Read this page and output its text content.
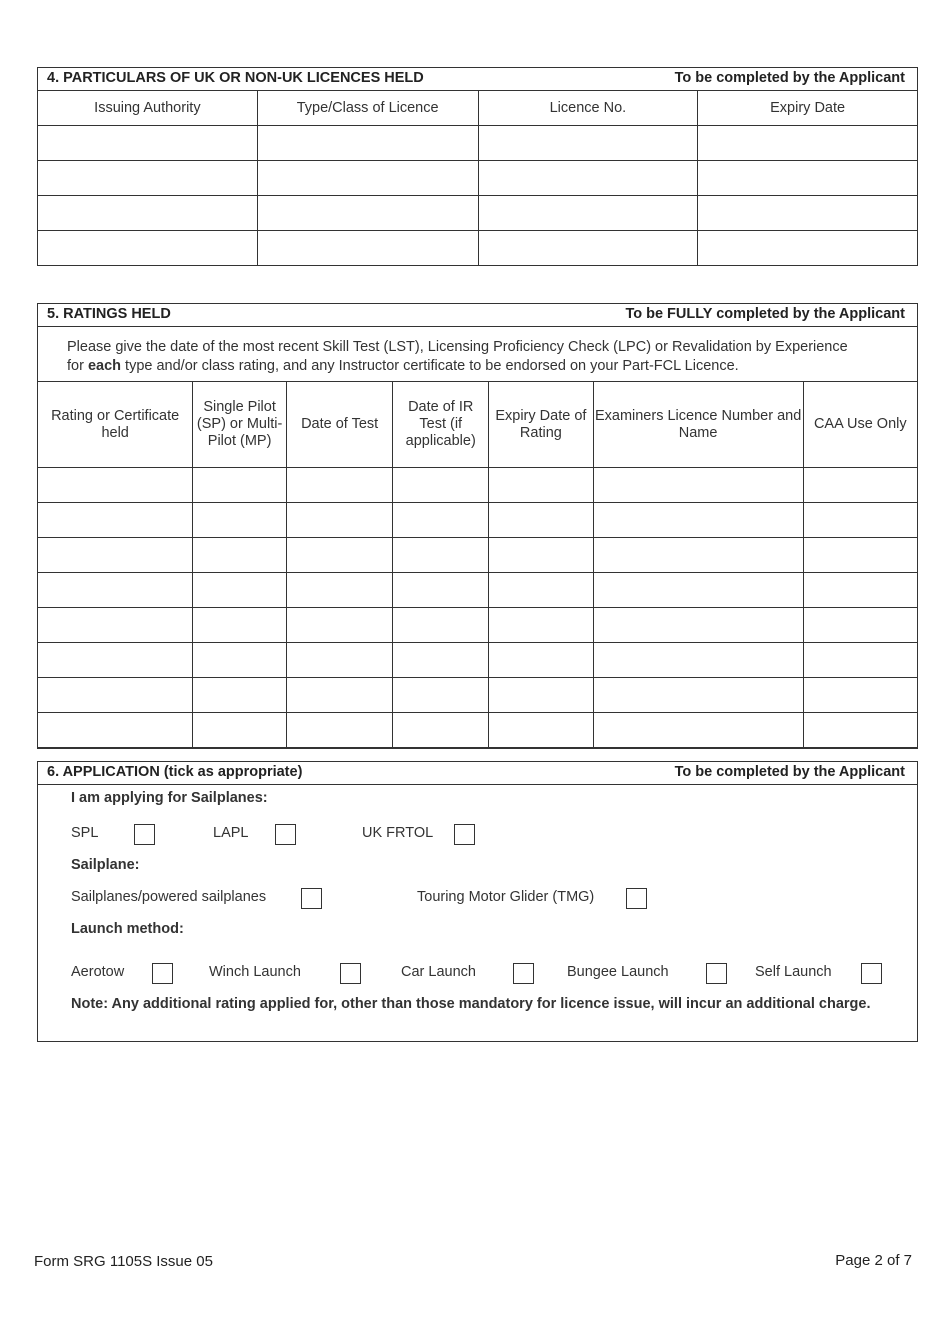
4. PARTICULARS OF UK OR NON-UK LICENCES HELD	To be completed by the Applicant
Issuing Authority	Type/Class of Licence	Licence No.	Expiry Date

5. RATINGS HELD	To be FULLY completed by the Applicant
Please give the date of the most recent Skill Test (LST), Licensing Proficiency Check (LPC) or Revalidation by Experience
for each type and/or class rating, and any Instructor certificate to be endorsed on your Part-FCL Licence.
Rating or Certificate held	Single Pilot (SP) or Multi-Pilot (MP)	Date of Test	Date of IR Test (if applicable)	Expiry Date of Rating	Examiners Licence Number and Name	CAA Use Only

6. APPLICATION (tick as appropriate)	To be completed by the Applicant
I am applying for Sailplanes:
SPL	LAPL	UK FRTOL
Sailplane:
Sailplanes/powered sailplanes	Touring Motor Glider (TMG)
Launch method:
Aerotow	Winch Launch	Car Launch	Bungee Launch	Self Launch
Note: Any additional rating applied for, other than those mandatory for licence issue, will incur an additional charge.
Form SRG 1105S Issue 05	Page 2 of 7
